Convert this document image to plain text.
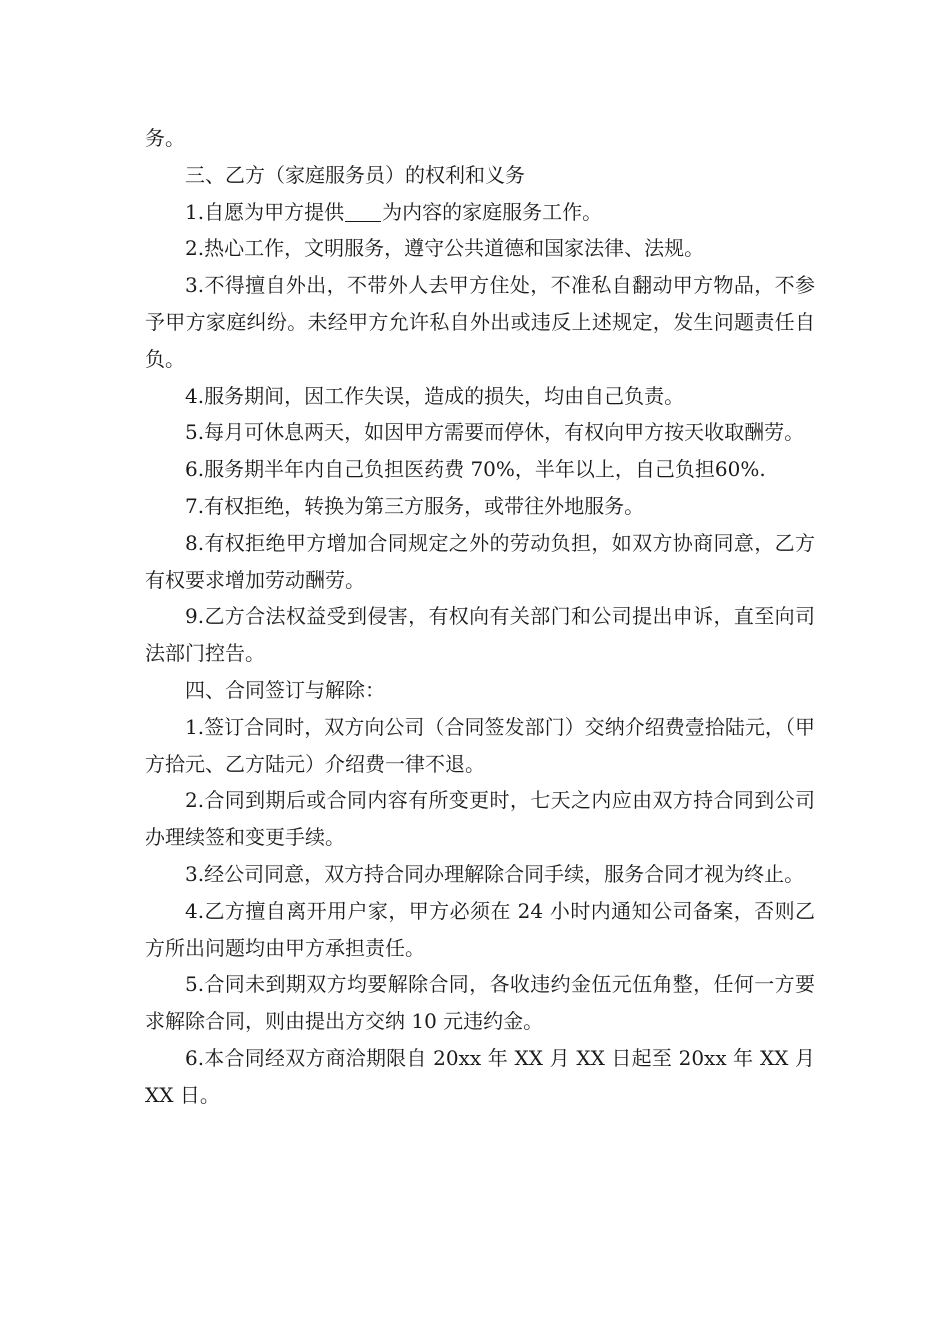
务。

三、乙方（家庭服务员）的权利和义务

1.自愿为甲方提供 为内容的家庭服务工作。

2.热心工作，文明服务，遵守公共道德和国家法律、法规。

3.不得擅自外出，不带外人去甲方住处，不准私自翻动甲方物品，不参予甲方家庭纠纷。未经甲方允许私自外出或违反上述规定，发生问题责任自负。

4.服务期间，因工作失误，造成的损失，均由自己负责。

5.每月可休息两天，如因甲方需要而停休，有权向甲方按天收取酬劳。

6.服务期半年内自己负担医药费 70%，半年以上，自己负担60%.

7.有权拒绝，转换为第三方服务，或带往外地服务。

8.有权拒绝甲方增加合同规定之外的劳动负担，如双方协商同意，乙方有权要求增加劳动酬劳。

9.乙方合法权益受到侵害，有权向有关部门和公司提出申诉，直至向司法部门控告。

四、合同签订与解除：

1.签订合同时，双方向公司（合同签发部门）交纳介绍费壹拾陆元，（甲方拾元、乙方陆元）介绍费一律不退。

2.合同到期后或合同内容有所变更时，七天之内应由双方持合同到公司办理续签和变更手续。

3.经公司同意，双方持合同办理解除合同手续，服务合同才视为终止。

4.乙方擅自离开用户家，甲方必须在 24 小时内通知公司备案，否则乙方所出问题均由甲方承担责任。

5.合同未到期双方均要解除合同，各收违约金伍元伍角整，任何一方要求解除合同，则由提出方交纳 10 元违约金。

6.本合同经双方商洽期限自 20xx 年 XX 月 XX 日起至 20xx 年 XX 月 XX 日。
